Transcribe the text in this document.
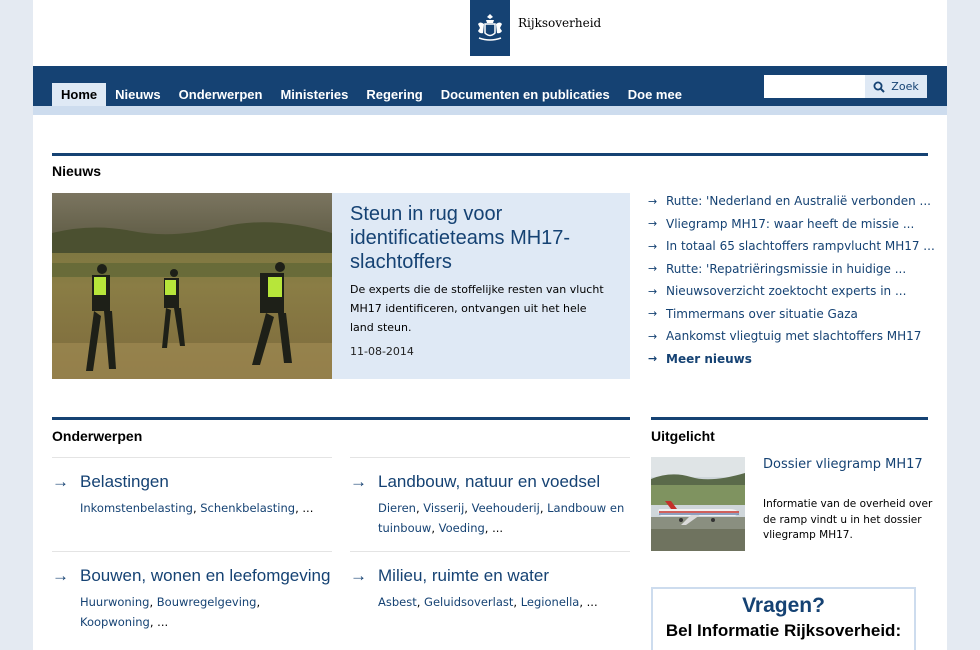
Rijksoverheid
Home	Nieuws	Onderwerpen	Ministeries	Regering	Documenten en publicaties	Doe mee
Zoek
Nieuws
Steun in rug voor identificatieteams MH17-slachtoffers
De experts die de stoffelijke resten van vlucht MH17 identificeren, ontvangen uit het hele land steun.
11-08-2014
→ Rutte: 'Nederland en Australië verbonden ...
→ Vliegramp MH17: waar heeft de missie ...
→ In totaal 65 slachtoffers rampvlucht MH17 ...
→ Rutte: 'Repatriëringsmissie in huidige ...
→ Nieuwsoverzicht zoektocht experts in ...
→ Timmermans over situatie Gaza
→ Aankomst vliegtuig met slachtoffers MH17
→ Meer nieuws
Onderwerpen
→ Belastingen
Inkomstenbelasting, Schenkbelasting, ...
→ Landbouw, natuur en voedsel
Dieren, Visserij, Veehouderij, Landbouw en tuinbouw, Voeding, ...
→ Bouwen, wonen en leefomgeving
Huurwoning, Bouwregelgeving, Koopwoning, ...
→ Milieu, ruimte en water
Asbest, Geluidsoverlast, Legionella, ...
Uitgelicht
Dossier vliegramp MH17
Informatie van de overheid over de ramp vindt u in het dossier vliegramp MH17.
Vragen?
Bel Informatie Rijksoverheid:
